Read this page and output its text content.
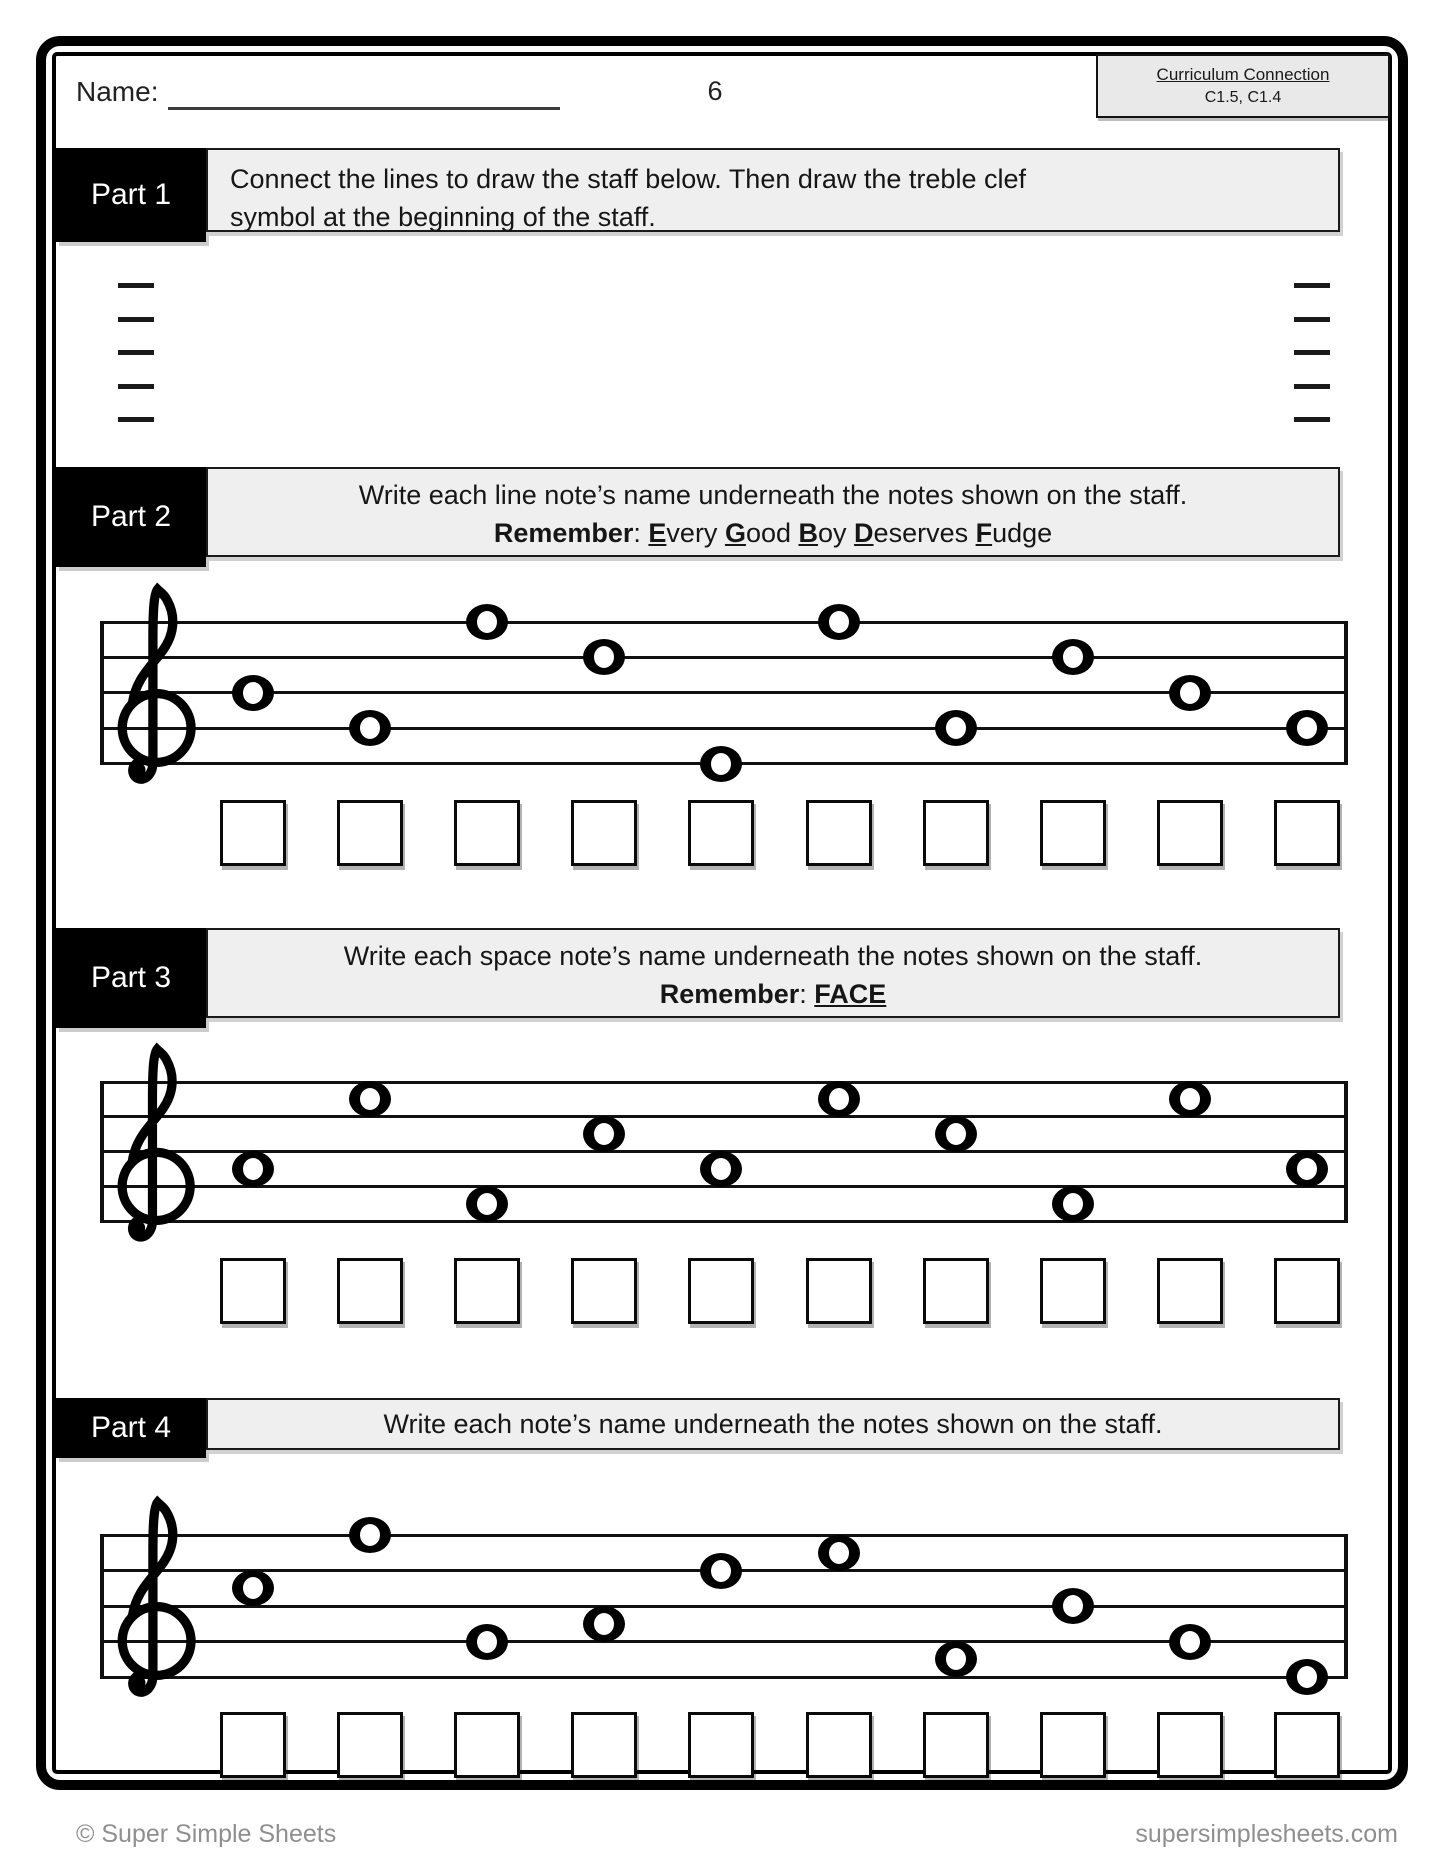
Name:	6
Curriculum Connection
C1.5, C1.4
Part 1 Connect the lines to draw the staff below. Then draw the treble clef
symbol at the beginning of the staff.
Part 2
Write each line note’s name underneath the notes shown on the staff.
Remember: Every Good Boy Deserves Fudge
Part 3
Write each space note’s name underneath the notes shown on the staff.
Remember: FACE
Part 4	Write each note’s name underneath the notes shown on the staff.
© Super Simple Sheets	supersimplesheets.com
